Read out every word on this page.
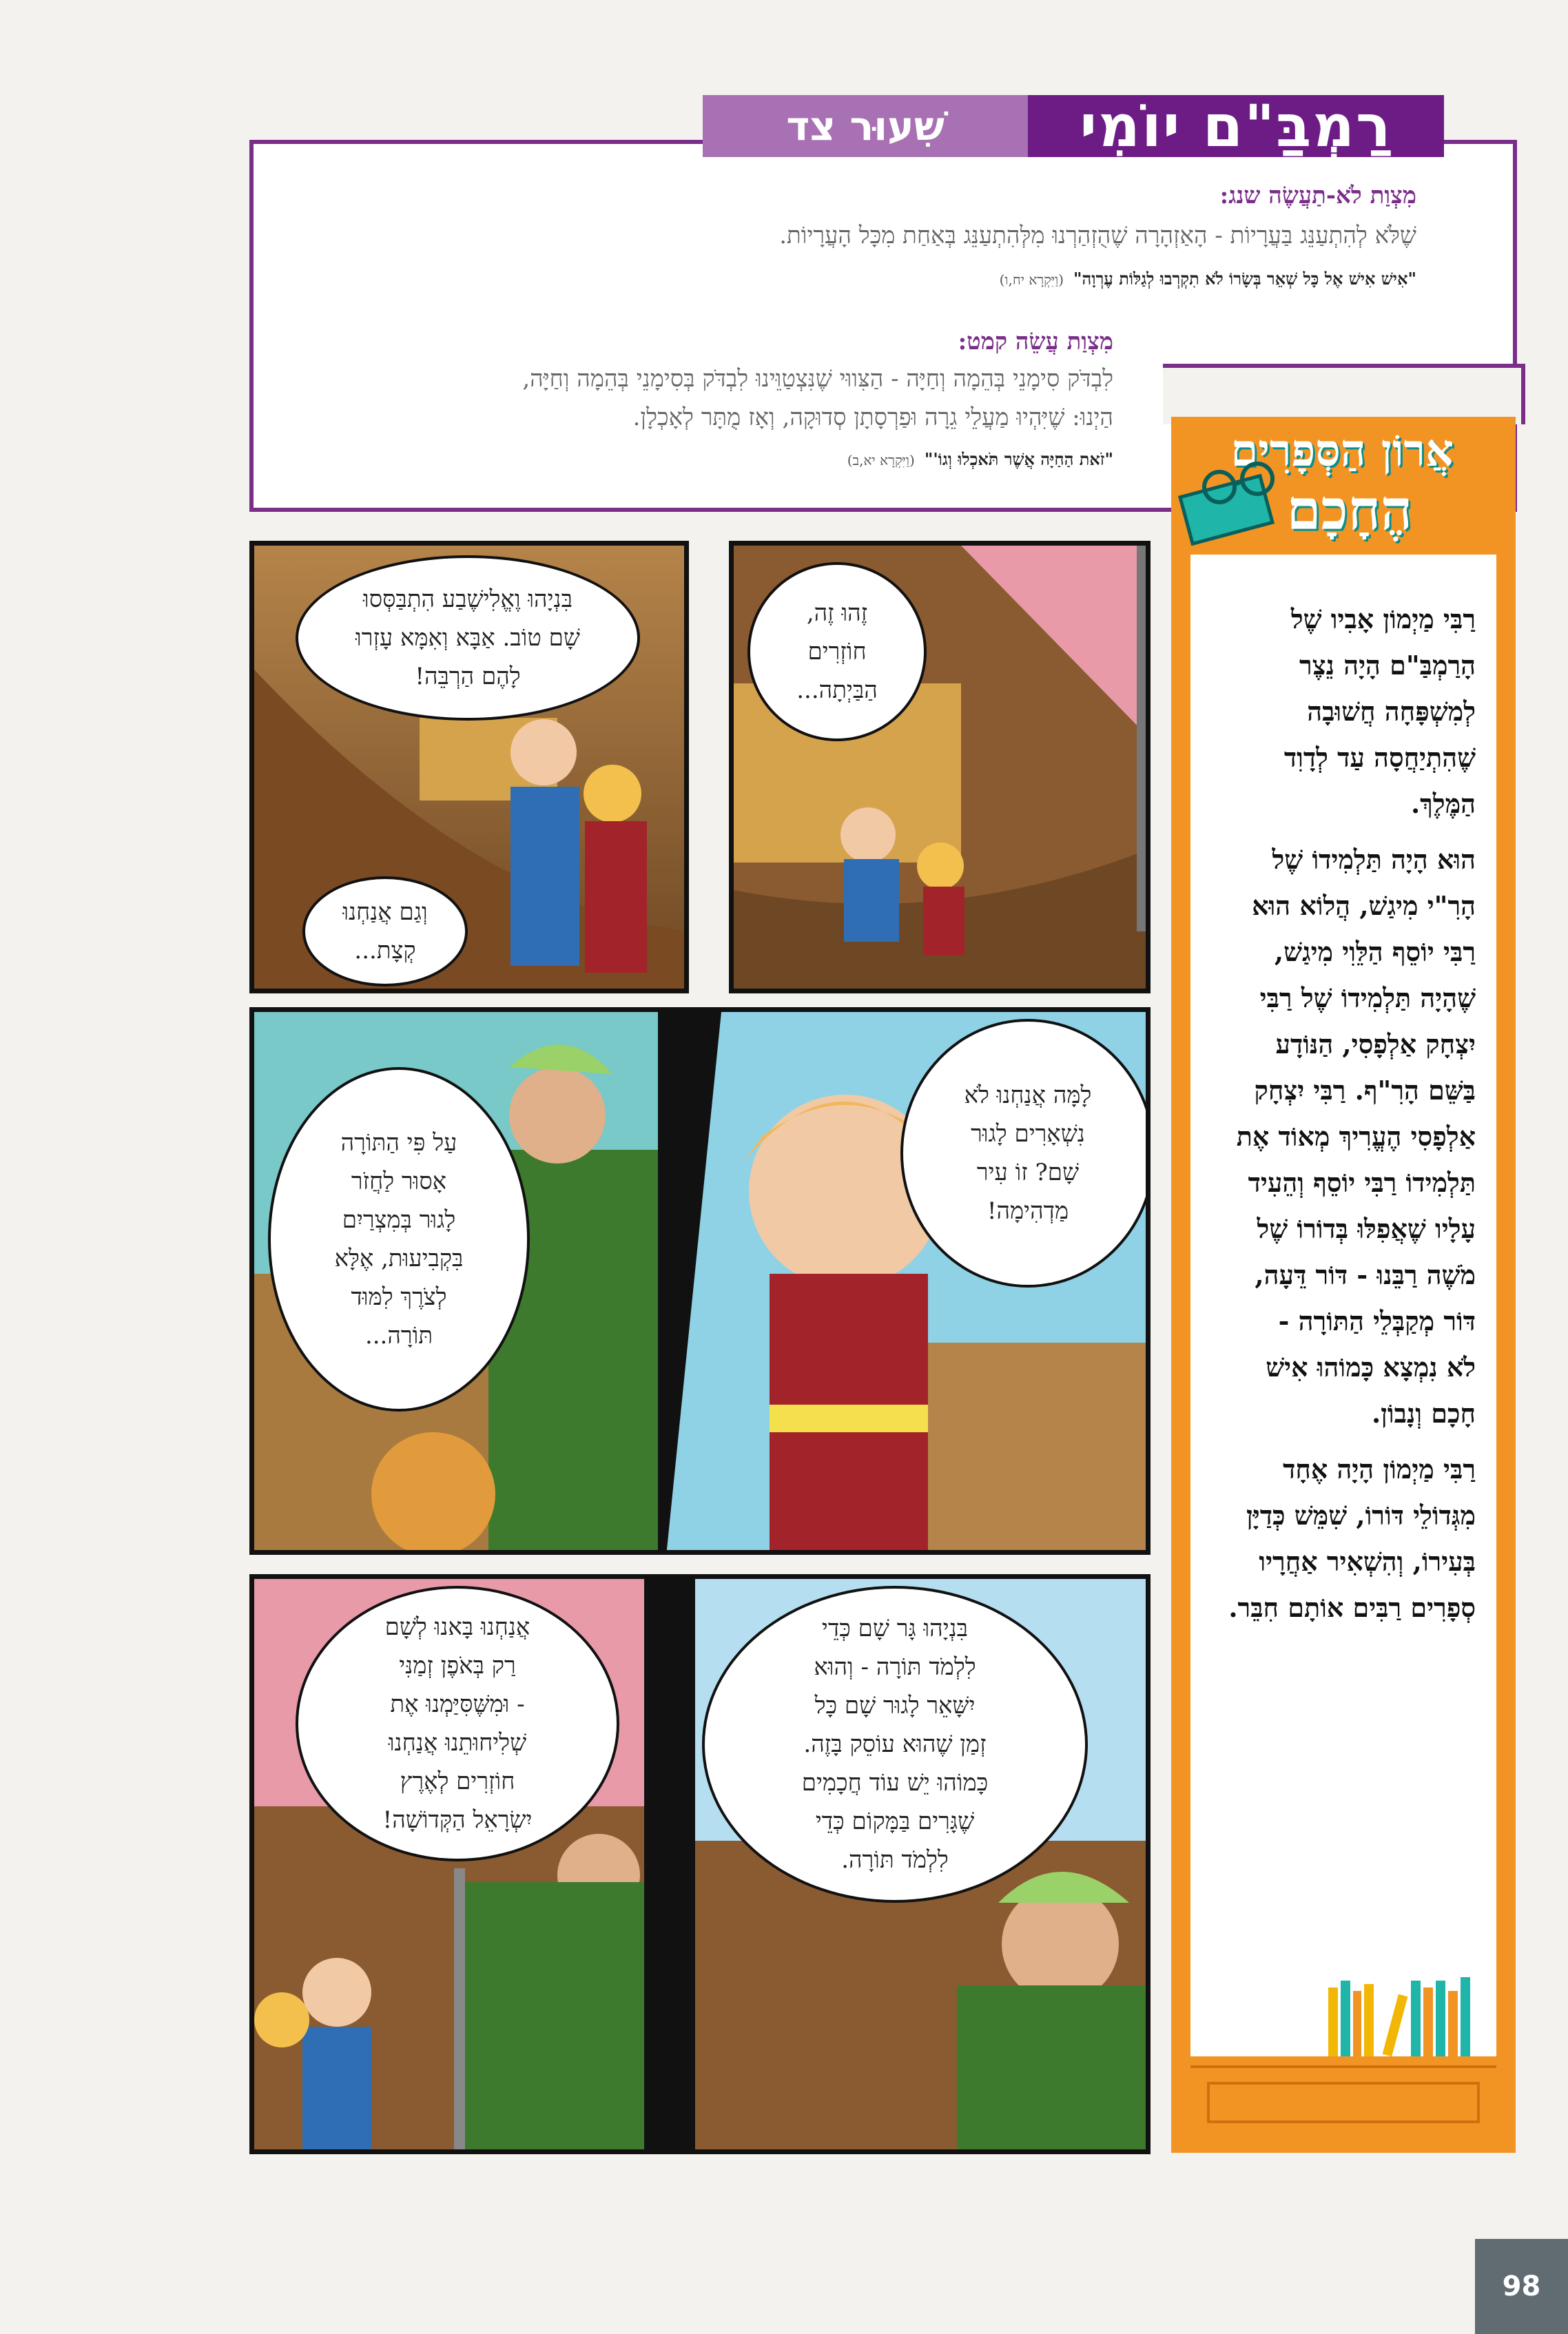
רַמְבַּ"ם יוֹמִי
שִׁעוּר צד
מִצְוַת לֹא-תַעֲשֶׂה שנג:
שֶׁלֹּא לְהִתְעַנֵּג בַּעֲרָיוֹת - הָאַזְהָרָה שֶׁהֻזְהַרְנוּ מִלְּהִתְעַנֵּג בְּאַחַת מִכָּל הָעֲרָיוֹת.
"אִישׁ אִישׁ אֶל כָּל שְׁאֵר בְּשָׂרוֹ לֹא תִקְרְבוּ לְגַלּוֹת עֶרְוָה"
(וַיִּקְרָא יח,ו)
מִצְוַת עֲשֵׂה קמט:
לִבְדֹּק סִימָנֵי בְּהֵמָה וְחַיָּה - הַצִּווּי שֶׁנִּצְטַוֵּינוּ לִבְדֹּק בְּסִימָנֵי בְּהֵמָה וְחַיָּה,
הַיְנוּ: שֶׁיִּהְיוּ מַעֲלֵי גֵרָה וּפַרְסָתָן סְדוּקָה, וְאָז מֻתָּר לְאָכְלָן.
"זֹאת הַחַיָּה אֲשֶׁר תֹּאכְלוּ וְגוֹ'"
(וַיִּקְרָא יא,ב)	אֲרוֹן הַסְּפָרִים
הֶחָכָם
רַבִּי מַיְמוֹן אָבִיו שֶׁל
הָרַמְבַּ"ם הָיָה נֵצֶר
לְמִשְׁפָּחָה חֲשׁוּבָה
שֶׁהִתְיַחֲסָה עַד לְדָוִד
הַמֶּלֶךְ.
הוּא הָיָה תַּלְמִידוֹ שֶׁל
הָרִ"י מִיגַשׁ, הֲלוֹא הוּא
רַבִּי יוֹסֵף הַלֵּוִי מִיגַשׁ,
שֶׁהָיָה תַּלְמִידוֹ שֶׁל רַבִּי
יִצְחָק אַלְפָסִי, הַנּוֹדָע
בַּשֵּׁם הָרִ"ף. רַבִּי יִצְחָק
אַלְפָסִי הֶעֱרִיךְ מְאוֹד אֶת
תַּלְמִידוֹ רַבִּי יוֹסֵף וְהֵעִיד
עָלָיו שֶׁאֲפִלּוּ בְּדוֹרוֹ שֶׁל
מֹשֶׁה רַבֵּנוּ - דּוֹר דֵּעָה,
דּוֹר מְקַבְּלֵי הַתּוֹרָה -
לֹא נִמְצָא כָּמוֹהוּ אִישׁ
חָכָם וְנָבוֹן.
רַבִּי מַיְמוֹן הָיָה אֶחָד
מִגְּדוֹלֵי דּוֹרוֹ, שִׁמֵּשׁ כְּדַיָּן
בְּעִירוֹ, וְהִשְׁאִיר אַחֲרָיו
סְפָרִים רַבִּים אוֹתָם חִבֵּר.
בִּנְיָהוּ וֶאֱלִישֶׁבַע הִתְבַּסְּסוּ
שָׁם טוֹב. אַבָּא וְאִמָּא עָזְרוּ
לָהֶם הַרְבֵּה!
וְגַם אֲנַחְנוּ
קְצָת...
זֶהוּ זֶה,
חוֹזְרִים
הַבַּיְתָה...
עַל פִּי הַתּוֹרָה
אָסוּר לַחֲזֹר
לָגוּר בְּמִצְרַיִם
בִּקְבִיעוּת, אֶלָּא
לְצֹרֶךְ לִמּוּד
תּוֹרָה...
לָמָּה אֲנַחְנוּ לֹא
נִשְׁאָרִים לָגוּר
שָׁם? זוֹ עִיר
מַדְהִימָה!
אֲנַחְנוּ בָּאנוּ לְשָׁם
רַק בְּאֹפֶן זְמַנִּי
- וּמִשֶּׁסִּיַּמְנוּ אֶת
שְׁלִיחוּתֵנוּ אֲנַחְנוּ
חוֹזְרִים לְאֶרֶץ
יִשְׂרָאֵל הַקְּדוֹשָׁה!
בִּנְיָהוּ גָּר שָׁם כְּדֵי
לִלְמֹד תּוֹרָה - וְהוּא
יִשָּׁאֵר לָגוּר שָׁם כָּל
זְמַן שֶׁהוּא עוֹסֵק בָּזֶה.
כָּמוֹהוּ יֵשׁ עוֹד חֲכָמִים
שֶׁגָּרִים בַּמָּקוֹם כְּדֵי
לִלְמֹד תּוֹרָה.
98
